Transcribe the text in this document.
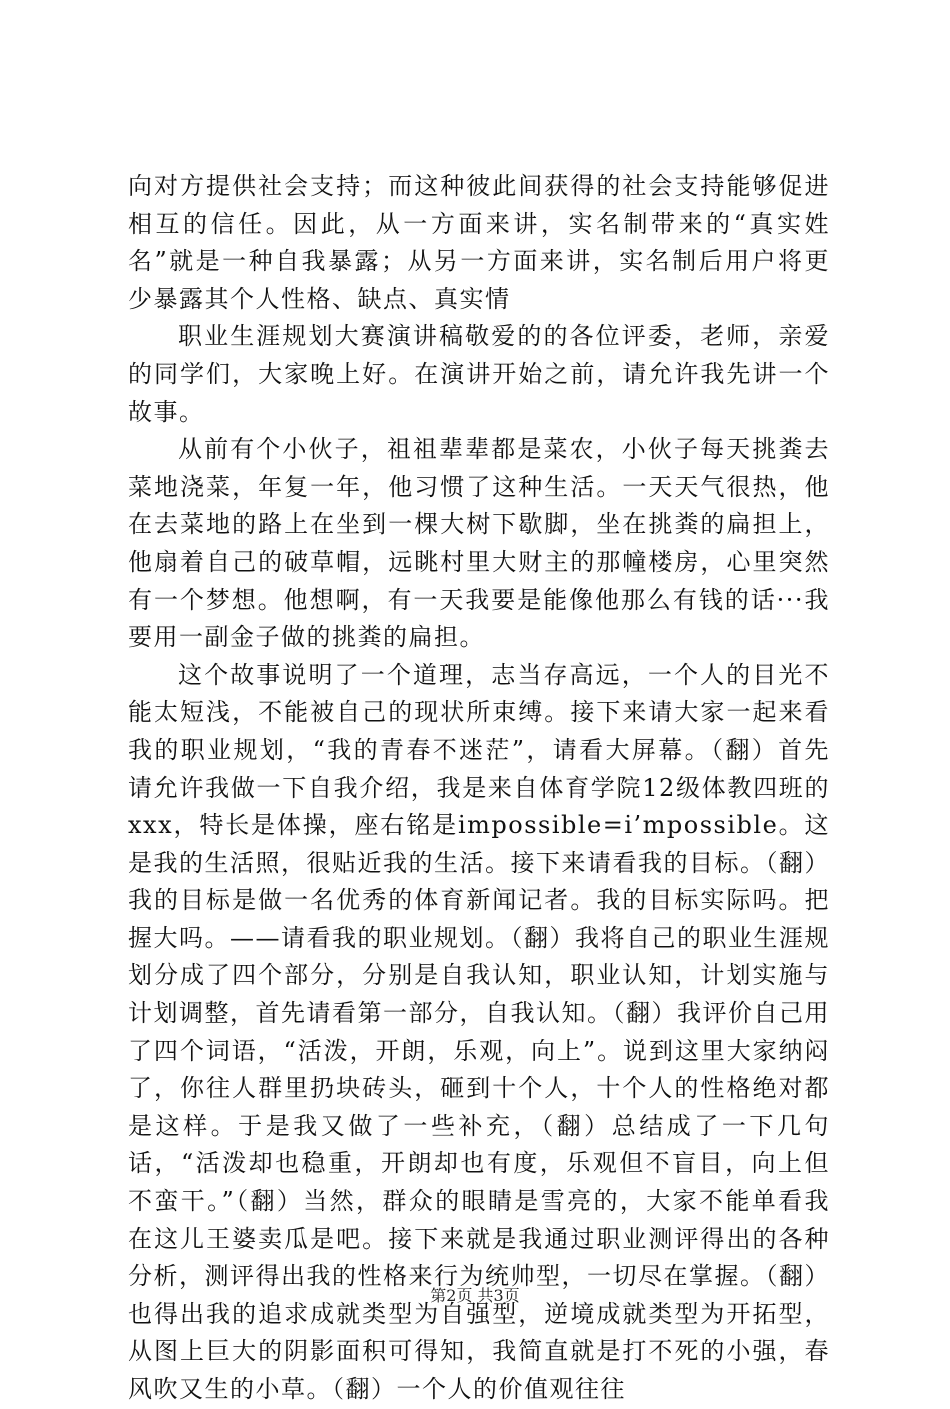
向对方提供社会支持；而这种彼此间获得的社会支持能够促进相互的信任。因此，从一方面来讲，实名制带来的“真实姓名”就是一种自我暴露；从另一方面来讲，实名制后用户将更少暴露其个人性格、缺点、真实情

职业生涯规划大赛演讲稿敬爱的的各位评委，老师，亲爱的同学们，大家晚上好。在演讲开始之前，请允许我先讲一个故事。

从前有个小伙子，祖祖辈辈都是菜农，小伙子每天挑粪去菜地浇菜，年复一年，他习惯了这种生活。一天天气很热，他在去菜地的路上在坐到一棵大树下歇脚，坐在挑粪的扁担上，他扇着自己的破草帽，远眺村里大财主的那幢楼房，心里突然有一个梦想。他想啊，有一天我要是能像他那么有钱的话···我要用一副金子做的挑粪的扁担。

这个故事说明了一个道理，志当存高远，一个人的目光不能太短浅，不能被自己的现状所束缚。接下来请大家一起来看我的职业规划，“我的青春不迷茫”，请看大屏幕。（翻）首先请允许我做一下自我介绍，我是来自体育学院12级体教四班的xxx，特长是体操，座右铭是impossible=i’mpossible。这是我的生活照，很贴近我的生活。接下来请看我的目标。（翻）我的目标是做一名优秀的体育新闻记者。我的目标实际吗。把握大吗。——请看我的职业规划。（翻）我将自己的职业生涯规划分成了四个部分，分别是自我认知，职业认知，计划实施与计划调整，首先请看第一部分，自我认知。（翻）我评价自己用了四个词语，“活泼，开朗，乐观，向上”。说到这里大家纳闷了，你往人群里扔块砖头，砸到十个人，十个人的性格绝对都是这样。于是我又做了一些补充，（翻）总结成了一下几句话，“活泼却也稳重，开朗却也有度，乐观但不盲目，向上但不蛮干。”（翻）当然，群众的眼睛是雪亮的，大家不能单看我在这儿王婆卖瓜是吧。接下来就是我通过职业测评得出的各种分析，测评得出我的性格来行为统帅型，一切尽在掌握。（翻）也得出我的追求成就类型为自强型，逆境成就类型为开拓型，从图上巨大的阴影面积可得知，我简直就是打不死的小强，春风吹又生的小草。（翻）一个人的价值观往往

第2页 共3页
